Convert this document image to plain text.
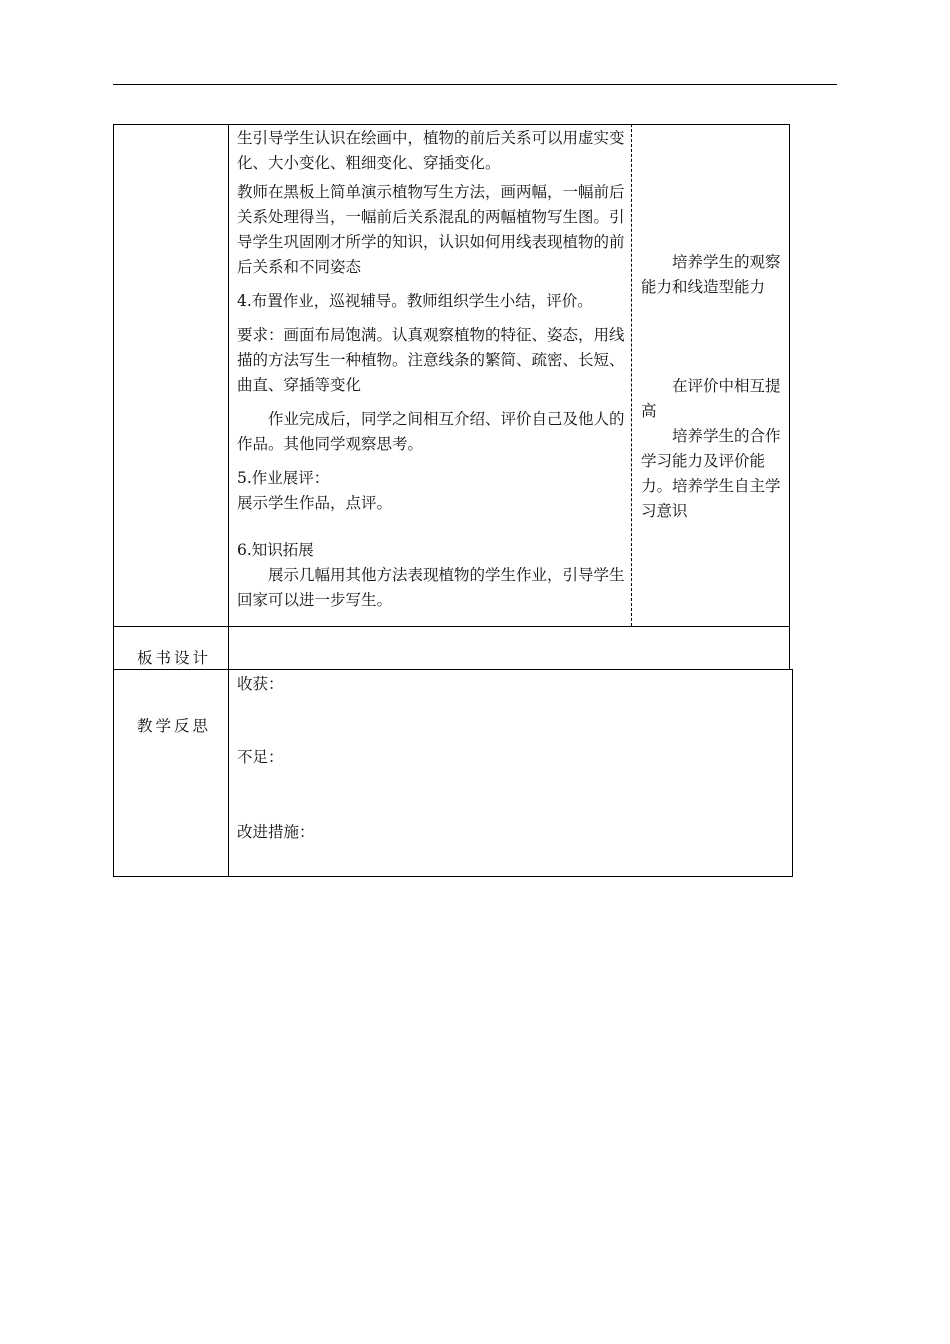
生引导学生认识在绘画中，植物的前后关系可以用虚实变化、大小变化、粗细变化、穿插变化。

教师在黑板上简单演示植物写生方法，画两幅，一幅前后关系处理得当，一幅前后关系混乱的两幅植物写生图。引导学生巩固刚才所学的知识，认识如何用线表现植物的前后关系和不同姿态

4.布置作业，巡视辅导。教师组织学生小结，评价。

要求：画面布局饱满。认真观察植物的特征、姿态，用线描的方法写生一种植物。注意线条的繁简、疏密、长短、曲直、穿插等变化

作业完成后，同学之间相互介绍、评价自己及他人的作品。其他同学观察思考。

5.作业展评：

展示学生作品，点评。

6.知识拓展

展示几幅用其他方法表现植物的学生作业，引导学生回家可以进一步写生。

培养学生的观察能力和线造型能力

在评价中相互提高

培养学生的合作学习能力及评价能力。培养学生自主学习意识

板书设计
教学反思
收获：
不足：
改进措施：
